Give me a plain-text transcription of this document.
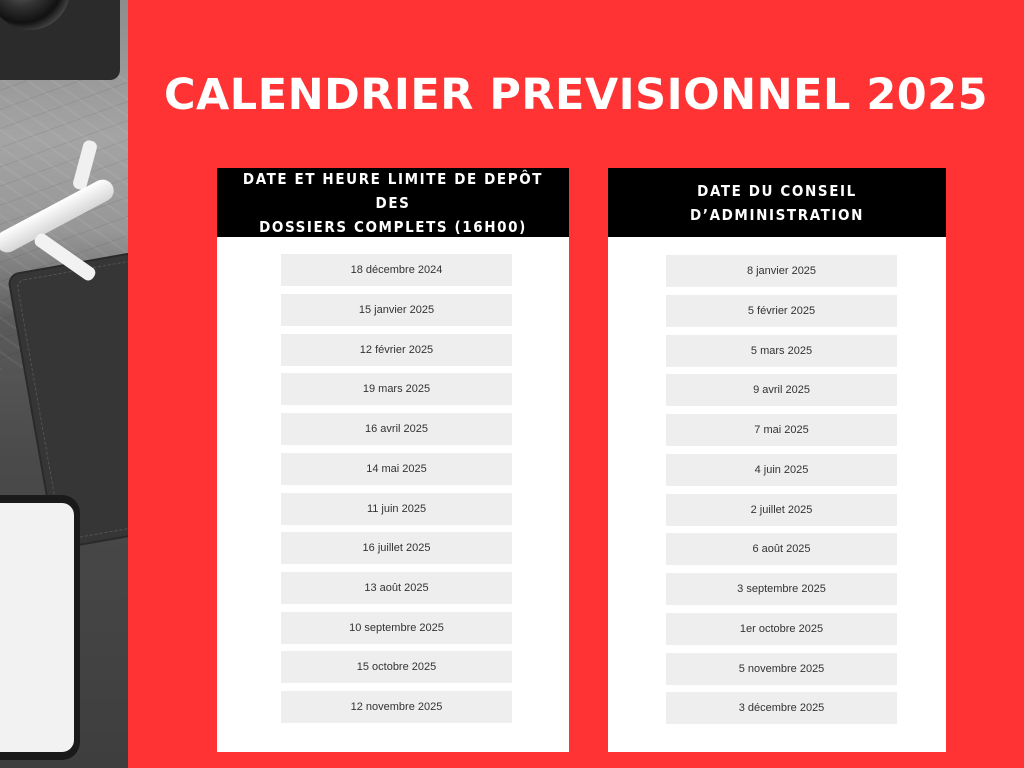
CALENDRIER PREVISIONNEL 2025
DATE ET HEURE LIMITE DE DEPÔT DES
DOSSIERS COMPLETS (16H00)
18 décembre 2024
15 janvier 2025
12 février 2025
19 mars 2025
16 avril 2025
14 mai 2025
11 juin 2025
16 juillet 2025
13 août 2025
10 septembre 2025
15 octobre 2025
12 novembre 2025
DATE DU CONSEIL D’ADMINISTRATION
8 janvier 2025
5 février 2025
5 mars 2025
9 avril 2025
7 mai 2025
4 juin 2025
2 juillet 2025
6 août 2025
3 septembre 2025
1er octobre 2025
5 novembre 2025
3 décembre 2025
